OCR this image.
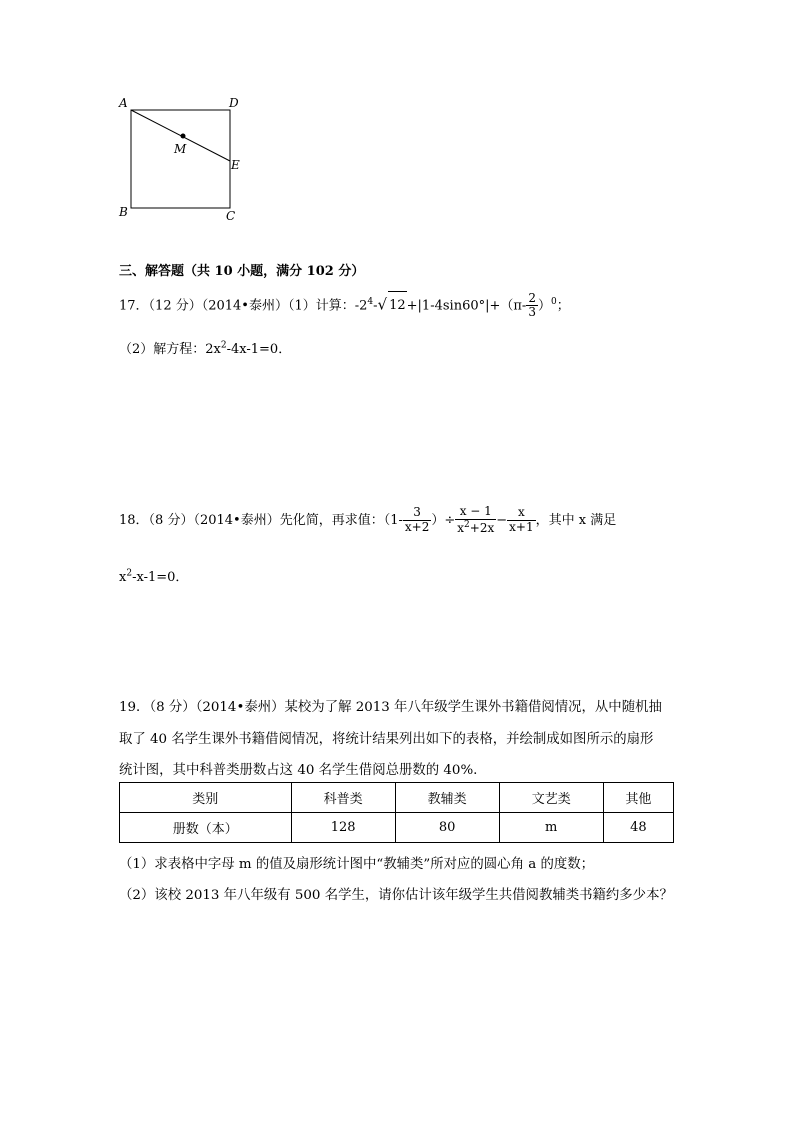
A	D
M
E
B	C
三、解答题（共 10 小题，满分 102 分）
17．（12 分）（2014•泰州）（1）计算：$-2^4-√$ $12+|1-4\sin 60^\circ|+(\pi- \frac{2}{3} )^0$；
（2）解方程：$2x^2-4x-1=0$．
18．（8 分）（2014•泰州）先化简，再求值：（$1- \frac{3}{x+2}$ ）÷ $\frac{x - 1}{x^2+2x} - \frac{x}{x+1}$ ，其中 x 满足
$x^2-x-1=0$．
19．（8 分）（2014•泰州）某校为了解 2013 年八年级学生课外书籍借阅情况，从中随机抽
取了 40 名学生课外书籍借阅情况，将统计结果列出如下的表格，并绘制成如图所示的扇形
统计图，其中科普类册数占这 40 名学生借阅总册数的 40%.
类别	科普类	教辅类	文艺类	其他
册数（本）	128	80	m	48
（1）求表格中字母 m 的值及扇形统计图中“教辅类”所对应的圆心角 a 的度数；
（2）该校 2013 年八年级有 500 名学生，请你估计该年级学生共借阅教辅类书籍约多少本？
